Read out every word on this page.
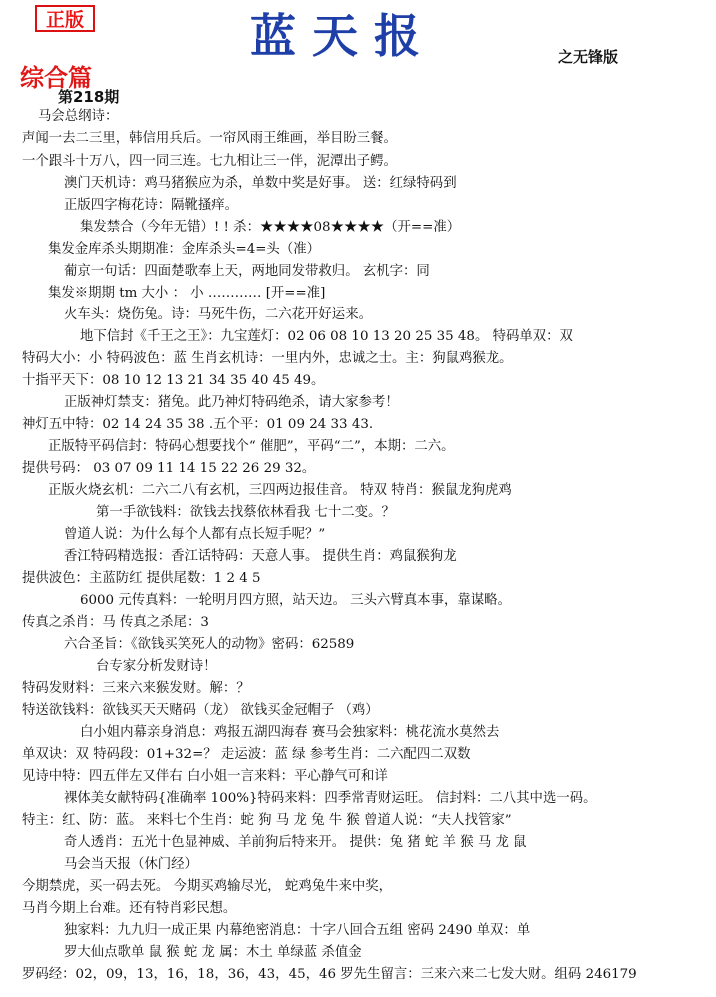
正版	蓝天报	之无锋版
综合篇
第218期
马会总纲诗：
声闻一去二三里，韩信用兵后。一帘风雨王维画，举目盼三餐。
一个跟斗十万八，四一同三连。七九相让三一伴，泥潭出子鳄。
澳门天机诗：鸡马猪猴应为杀，单数中奖是好事。 送：红绿特码到
正版四字梅花诗：隔靴搔痒。
集发禁合（今年无错）! ! 杀：★★★★08★★★★（开==准）
集发金库杀头期期准：金库杀头=4=头（准）
葡京一句话：四面楚歌奉上天，两地同发带救归。 玄机字：同
集发※期期 tm 大小 ： 小 ………… [开==准]
火车头：烧伤兔。诗：马死牛伤，二六花开好运来。
地下信封《千王之王》：九宝莲灯：02 06 08 10 13 20 25 35 48。 特码单双：双
特码大小：小 特码波色：蓝 生肖玄机诗：一里内外，忠诚之士。主：狗鼠鸡猴龙。
十指平天下：08 10 12 13 21 34 35 40 45 49。
正版神灯禁支：猪兔。此乃神灯特码绝杀，请大家参考！
神灯五中特：02 14 24 35 38 .五个平：01 09 24 33 43.
正版特平码信封：特码心想要找个“ 催肥”，平码“二”，本期：二六。
提供号码： 03 07 09 11 14 15 22 26 29 32。
正版火烧玄机：二六二八有玄机，三四两边报佳音。 特双 特肖：猴鼠龙狗虎鸡
第一手欲钱料：欲钱去找蔡依林看我 七十二变。？
曾道人说：为什么每个人都有点长短手呢？”
香江特码精选报：香江话特码：天意人事。 提供生肖：鸡鼠猴狗龙
提供波色：主蓝防红 提供尾数：1 2 4 5
6000 元传真料：一轮明月四方照，站天边。 三头六臂真本事，靠谋略。
传真之杀肖：马 传真之杀尾：3
六合圣旨：《欲钱买笑死人的动物》密码：62589
台专家分析发财诗！
特码发财料：三来六来猴发财。解：？
特送欲钱料：欲钱买天天赌码（龙） 欲钱买金冠帽子 （鸡）
白小姐内幕亲身消息：鸡报五湖四海春 赛马会独家料：桃花流水莫然去
单双诀：双 特码段：01+32=？ 走运波：蓝 绿 参考生肖：二六配四二双数
见诗中特：四五伴左又伴右 白小姐一言来料：平心静气可和详
裸体美女献特码{准确率 100%}特码来料：四季常青财运旺。 信封料：二八其中选一码。
特主：红、防：蓝。 来料七个生肖：蛇 狗 马 龙 兔 牛 猴 曾道人说：“夫人找管家”
奇人透肖：五光十色显神威、羊前狗后特来开。 提供：兔 猪 蛇 羊 猴 马 龙 鼠
马会当天报（休门经）
今期禁虎，买一码去死。 今期买鸡输尽光， 蛇鸡兔牛来中奖，
马肖今期上台难。还有特肖彩民想。
独家料：九九归一成正果 内幕绝密消息：十字八回合五组 密码 2490 单双：单
罗大仙点歌单 鼠 猴 蛇 龙 属：木土 单绿蓝 杀值金
罗码经：02，09，13，16，18，36，43，45，46 罗先生留言：三来六来二七发大财。组码 246179
